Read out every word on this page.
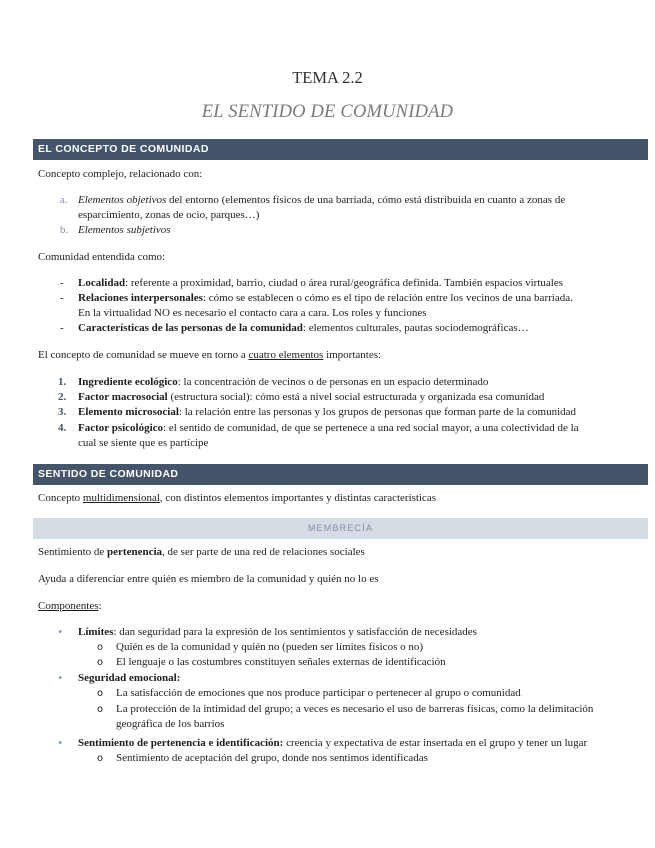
TEMA 2.2
EL SENTIDO DE COMUNIDAD
EL CONCEPTO DE COMUNIDAD
Concepto complejo, relacionado con:
a. Elementos objetivos del entorno (elementos físicos de una barriada, cómo está distribuida en cuanto a zonas de
esparcimiento, zonas de ocio, parques…)
b. Elementos subjetivos
Comunidad entendida como:
- Localidad: referente a proximidad, barrio, ciudad o área rural/geográfica definida. También espacios virtuales
- Relaciones interpersonales: cómo se establecen o cómo es el tipo de relación entre los vecinos de una barriada.
En la virtualidad NO es necesario el contacto cara a cara. Los roles y funciones
- Características de las personas de la comunidad: elementos culturales, pautas sociodemográficas…
El concepto de comunidad se mueve en torno a cuatro elementos importantes:
1. Ingrediente ecológico: la concentración de vecinos o de personas en un espacio determinado
2. Factor macrosocial (estructura social): cómo está a nivel social estructurada y organizada esa comunidad
3. Elemento microsocial: la relación entre las personas y los grupos de personas que forman parte de la comunidad
4. Factor psicológico: el sentido de comunidad, de que se pertenece a una red social mayor, a una colectividad de la
cual se siente que es partícipe
SENTIDO DE COMUNIDAD
Concepto multidimensional, con distintos elementos importantes y distintas características
MEMBRECÍA
Sentimiento de pertenencia, de ser parte de una red de relaciones sociales
Ayuda a diferenciar entre quién es miembro de la comunidad y quién no lo es
Componentes:
• Límites: dan seguridad para la expresión de los sentimientos y satisfacción de necesidades
o Quién es de la comunidad y quién no (pueden ser límites físicos o no)
o El lenguaje o las costumbres constituyen señales externas de identificación
• Seguridad emocional:
o La satisfacción de emociones que nos produce participar o pertenecer al grupo o comunidad
o La protección de la intimidad del grupo; a veces es necesario el uso de barreras físicas, como la delimitación
geográfica de los barrios
• Sentimiento de pertenencia e identificación: creencia y expectativa de estar insertada en el grupo y tener un lugar
o Sentimiento de aceptación del grupo, donde nos sentimos identificadas
